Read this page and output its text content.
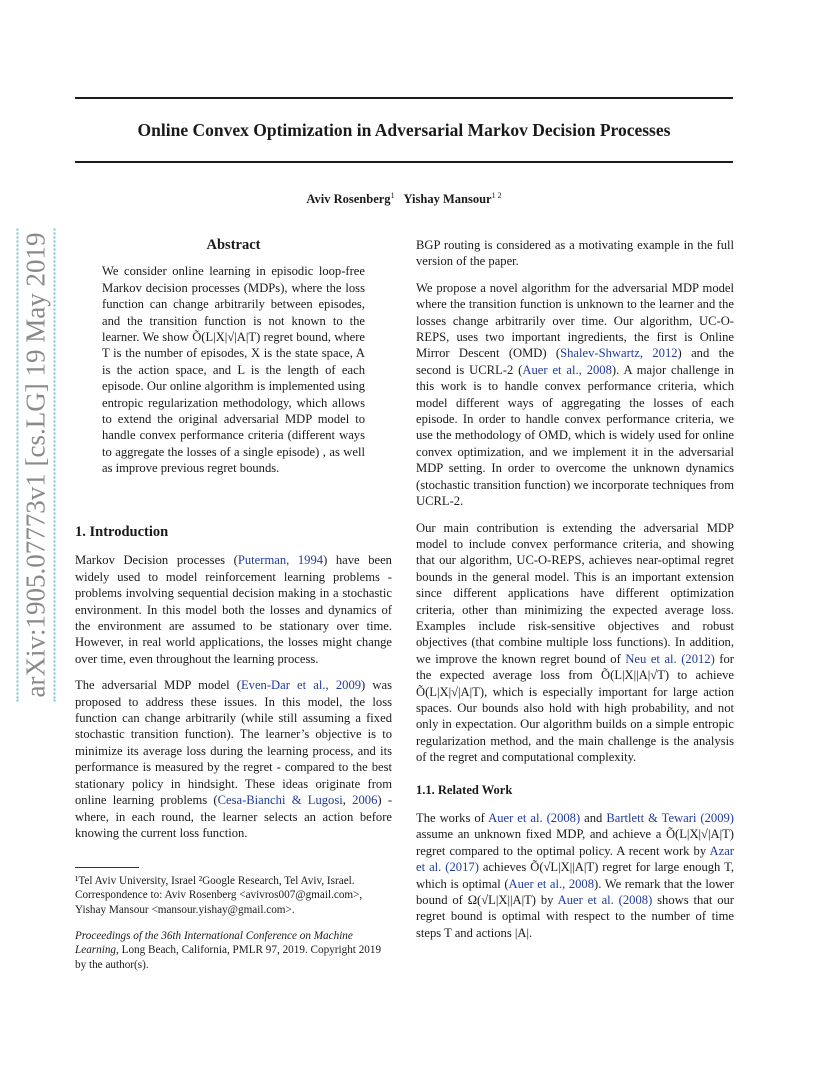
Online Convex Optimization in Adversarial Markov Decision Processes
Aviv Rosenberg$^1$ Yishay Mansour$^{1 2}$
arXiv:1905.07773v1 [cs.LG] 19 May 2019	Abstract

We consider online learning in episodic loop-free Markov decision processes (MDPs), where the loss function can change arbitrarily between episodes, and the transition function is not known to the learner. We show Õ(L|X|√|A|T) regret bound, where T is the number of episodes, X is the state space, A is the action space, and L is the length of each episode. Our online algorithm is implemented using entropic regularization methodology, which allows to extend the original adversarial MDP model to handle convex performance criteria (different ways to aggregate the losses of a single episode) , as well as improve previous regret bounds.

1. Introduction

Markov Decision processes (Puterman, 1994) have been widely used to model reinforcement learning problems - problems involving sequential decision making in a stochastic environment. In this model both the losses and dynamics of the environment are assumed to be stationary over time. However, in real world applications, the losses might change over time, even throughout the learning process.

The adversarial MDP model (Even-Dar et al., 2009) was proposed to address these issues. In this model, the loss function can change arbitrarily (while still assuming a fixed stochastic transition function). The learner’s objective is to minimize its average loss during the learning process, and its performance is measured by the regret - compared to the best stationary policy in hindsight. These ideas originate from online learning problems (Cesa-Bianchi & Lugosi, 2006) - where, in each round, the learner selects an action before knowing the current loss function.

¹Tel Aviv University, Israel ²Google Research, Tel Aviv, Israel. Correspondence to: Aviv Rosenberg <avivros007@gmail.com>, Yishay Mansour <mansour.yishay@gmail.com>.

Proceedings of the 36th International Conference on Machine Learning, Long Beach, California, PMLR 97, 2019. Copyright 2019 by the author(s).

BGP routing is considered as a motivating example in the full version of the paper.

We propose a novel algorithm for the adversarial MDP model where the transition function is unknown to the learner and the losses change arbitrarily over time. Our algorithm, UC-O-REPS, uses two important ingredients, the first is Online Mirror Descent (OMD) (Shalev-Shwartz, 2012) and the second is UCRL-2 (Auer et al., 2008). A major challenge in this work is to handle convex performance criteria, which model different ways of aggregating the losses of each episode. In order to handle convex performance criteria, we use the methodology of OMD, which is widely used for online convex optimization, and we implement it in the adversarial MDP setting. In order to overcome the unknown dynamics (stochastic transition function) we incorporate techniques from UCRL-2.

Our main contribution is extending the adversarial MDP model to include convex performance criteria, and showing that our algorithm, UC-O-REPS, achieves near-optimal regret bounds in the general model. This is an important extension since different applications have different optimization criteria, other than minimizing the expected average loss. Examples include risk-sensitive objectives and robust objectives (that combine multiple loss functions). In addition, we improve the known regret bound of Neu et al. (2012) for the expected average loss from Õ(L|X||A|√T) to achieve Õ(L|X|√|A|T), which is especially important for large action spaces. Our bounds also hold with high probability, and not only in expectation. Our algorithm builds on a simple entropic regularization method, and the main challenge is the analysis of the regret and computational complexity.

1.1. Related Work

The works of Auer et al. (2008) and Bartlett & Tewari (2009) assume an unknown fixed MDP, and achieve a Õ(L|X|√|A|T) regret compared to the optimal policy. A recent work by Azar et al. (2017) achieves Õ(√L|X||A|T) regret for large enough T, which is optimal (Auer et al., 2008). We remark that the lower bound of Ω(√L|X||A|T) by Auer et al. (2008) shows that our regret bound is optimal with respect to the number of time steps T and actions |A|.
